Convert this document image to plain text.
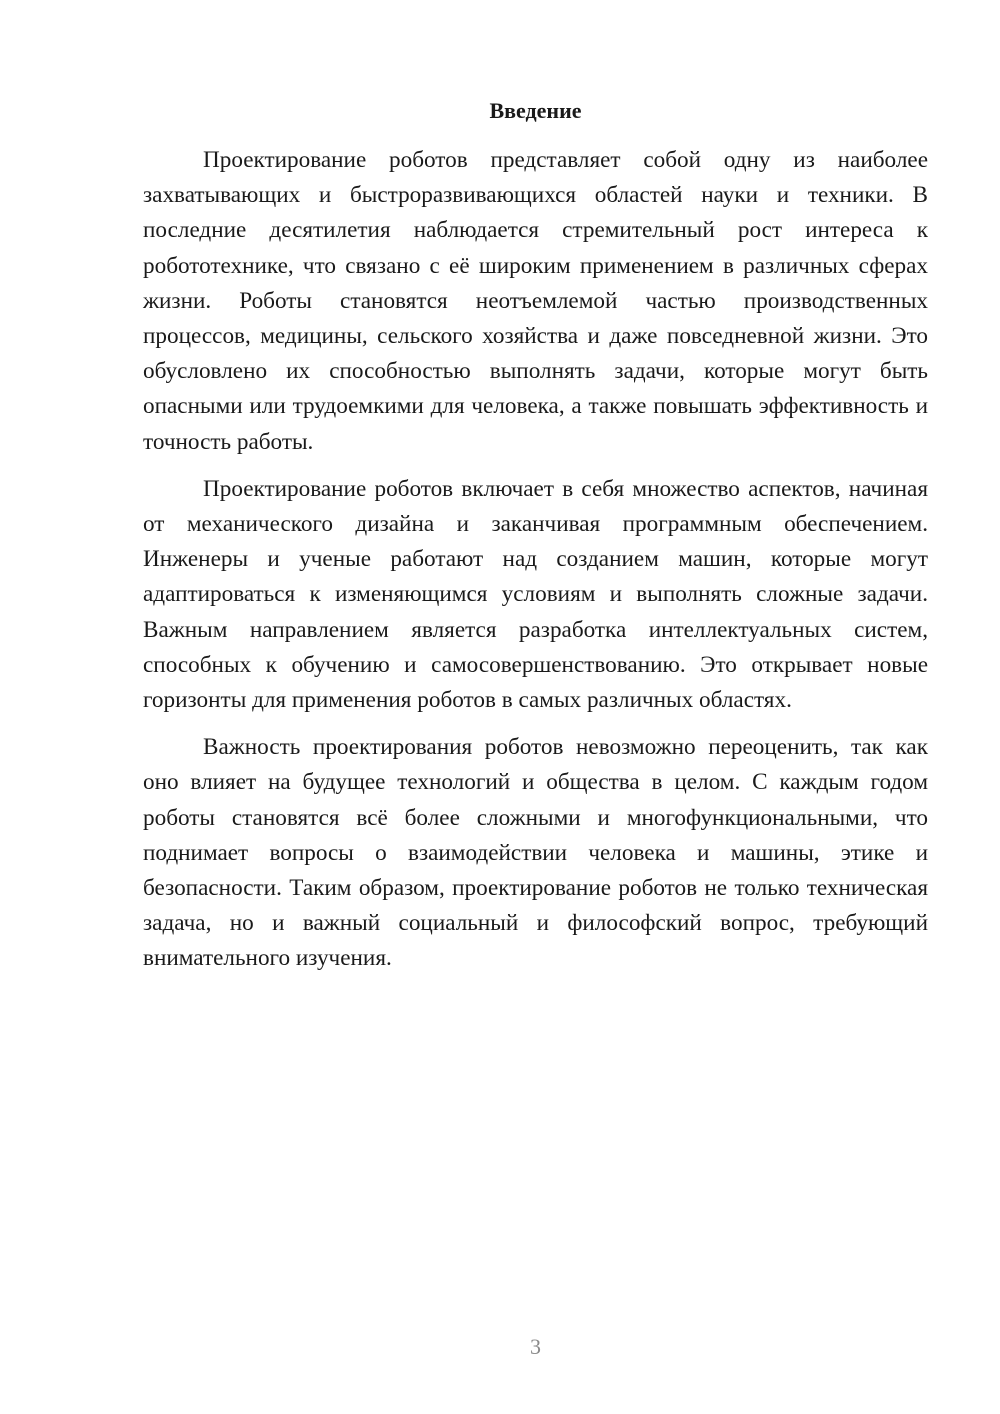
Введение

Проектирование роботов представляет собой одну из наиболее захватывающих и быстроразвивающихся областей науки и техники. В последние десятилетия наблюдается стремительный рост интереса к робототехнике, что связано с её широким применением в различных сферах жизни. Роботы становятся неотъемлемой частью производственных процессов, медицины, сельского хозяйства и даже повседневной жизни. Это обусловлено их способностью выполнять задачи, которые могут быть опасными или трудоемкими для человека, а также повышать эффективность и точность работы.

Проектирование роботов включает в себя множество аспектов, начиная от механического дизайна и заканчивая программным обеспечением. Инженеры и ученые работают над созданием машин, которые могут адаптироваться к изменяющимся условиям и выполнять сложные задачи. Важным направлением является разработка интеллектуальных систем, способных к обучению и самосовершенствованию. Это открывает новые горизонты для применения роботов в самых различных областях.

Важность проектирования роботов невозможно переоценить, так как оно влияет на будущее технологий и общества в целом. С каждым годом роботы становятся всё более сложными и многофункциональными, что поднимает вопросы о взаимодействии человека и машины, этике и безопасности. Таким образом, проектирование роботов не только техническая задача, но и важный социальный и философский вопрос, требующий внимательного изучения.

3
